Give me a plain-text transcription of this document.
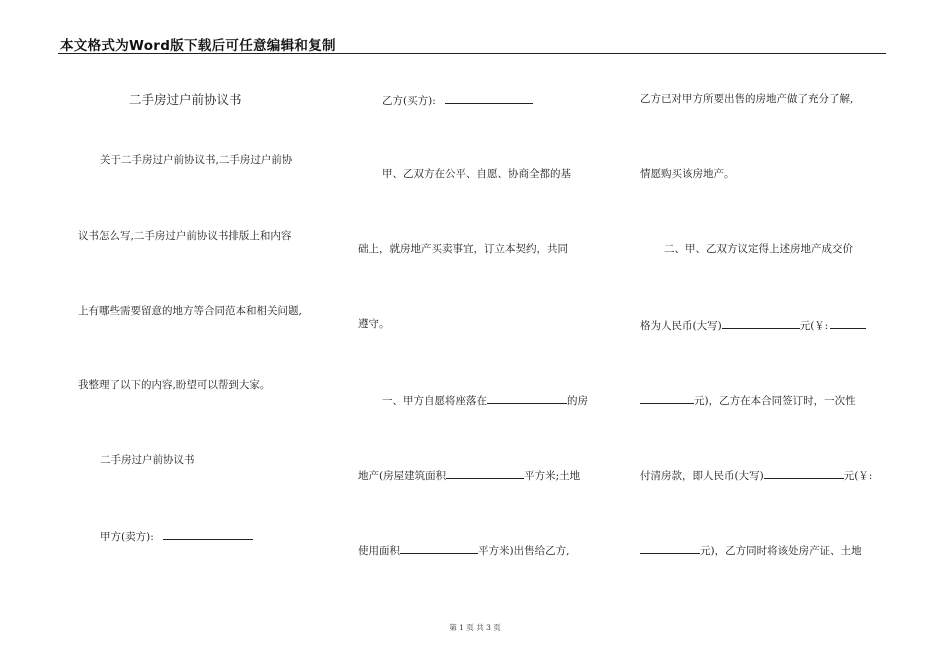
本文格式为Word版下载后可任意编辑和复制
二手房过户前协议书
关于二手房过户前协议书,二手房过户前协
议书怎么写,二手房过户前协议书排版上和内容
上有哪些需要留意的地方等合同范本和相关问题,
我整理了以下的内容,盼望可以帮到大家。
二手房过户前协议书
甲方(卖方):
乙方(买方):
甲、乙双方在公平、自愿、协商全都的基
础上，就房地产买卖事宜，订立本契约，共同
遵守。
一、甲方自愿将座落在	的房
地产(房屋建筑面积	平方米;土地
使用面积	平方米)出售给乙方,
乙方已对甲方所要出售的房地产做了充分了解,
情愿购买该房地产。
二、甲、乙双方议定得上述房地产成交价
格为人民币(大写)	元(￥:
元)，乙方在本合同签订时，一次性
付清房款，即人民币(大写)	元(￥:
元)，乙方同时将该处房产证、土地
第 1 页 共 3 页
